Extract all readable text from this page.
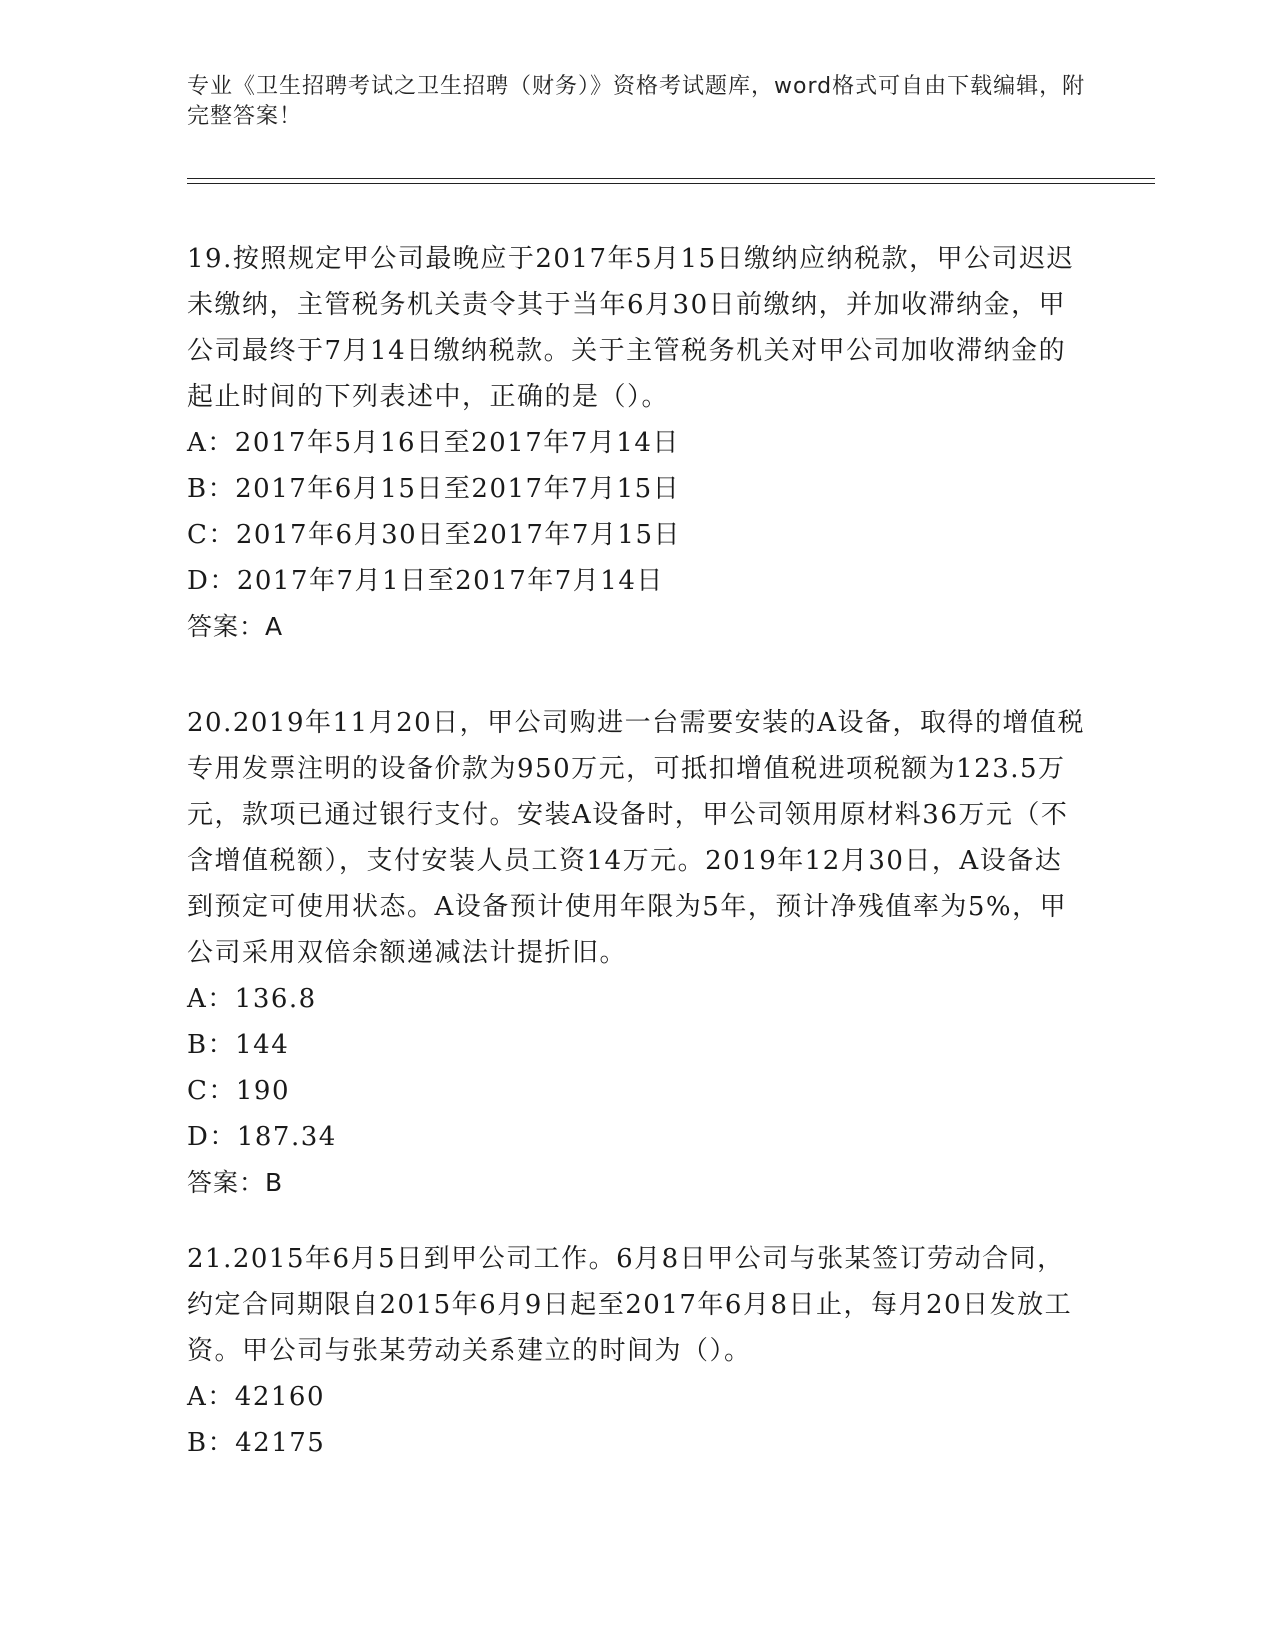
专业《卫生招聘考试之卫生招聘（财务）》资格考试题库，word格式可自由下载编辑，附完整答案！
19.按照规定甲公司最晚应于2017年5月15日缴纳应纳税款，甲公司迟迟未缴纳，主管税务机关责令其于当年6月30日前缴纳，并加收滞纳金，甲公司最终于7月14日缴纳税款。关于主管税务机关对甲公司加收滞纳金的起止时间的下列表述中，正确的是（）。
A：2017年5月16日至2017年7月14日
B：2017年6月15日至2017年7月15日
C：2017年6月30日至2017年7月15日
D：2017年7月1日至2017年7月14日
答案：A
20.2019年11月20日，甲公司购进一台需要安装的A设备，取得的增值税专用发票注明的设备价款为950万元，可抵扣增值税进项税额为123.5万元，款项已通过银行支付。安装A设备时，甲公司领用原材料36万元（不含增值税额），支付安装人员工资14万元。2019年12月30日，A设备达到预定可使用状态。A设备预计使用年限为5年，预计净残值率为5%，甲公司采用双倍余额递减法计提折旧。
A：136.8
B：144
C：190
D：187.34
答案：B
21.2015年6月5日到甲公司工作。6月8日甲公司与张某签订劳动合同，约定合同期限自2015年6月9日起至2017年6月8日止，每月20日发放工资。甲公司与张某劳动关系建立的时间为（）。
A：42160
B：42175
